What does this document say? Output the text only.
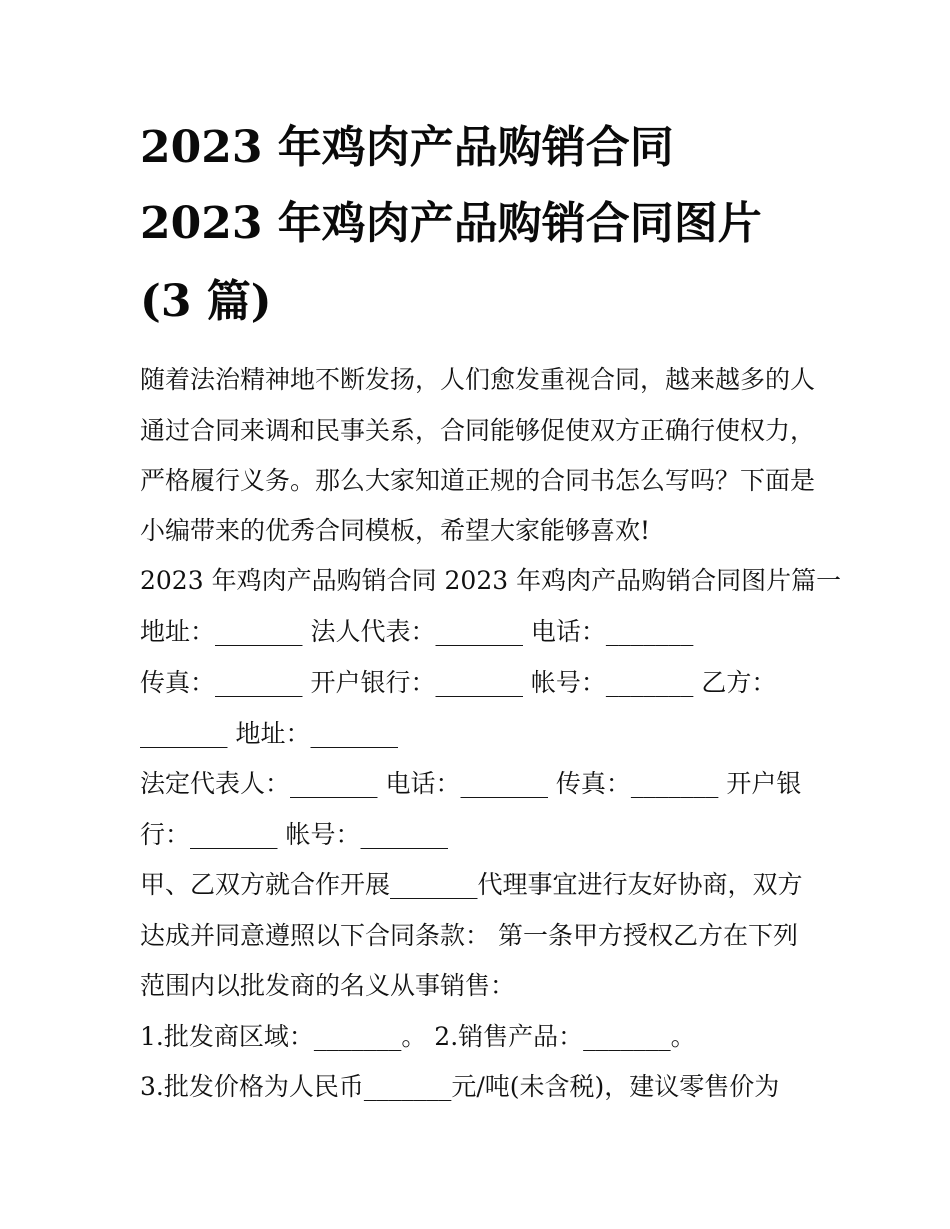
2023 年鸡肉产品购销合同
2023 年鸡肉产品购销合同图片
(3 篇)

随着法治精神地不断发扬，人们愈发重视合同，越来越多的人

通过合同来调和民事关系，合同能够促使双方正确行使权力，

严格履行义务。那么大家知道正规的合同书怎么写吗？下面是

小编带来的优秀合同模板，希望大家能够喜欢!

2023 年鸡肉产品购销合同 2023 年鸡肉产品购销合同图片篇一

地址：_______ 法人代表：_______ 电话：_______

传真：_______ 开户银行：_______ 帐号：_______ 乙方：

_______ 地址：_______

法定代表人：_______ 电话：_______ 传真：_______ 开户银

行：_______ 帐号：_______

甲、乙双方就合作开展_______代理事宜进行友好协商，双方

达成并同意遵照以下合同条款： 第一条甲方授权乙方在下列

范围内以批发商的名义从事销售：

1.批发商区域：_______。 2.销售产品：_______。

3.批发价格为人民币_______元/吨(未含税)，建议零售价为
